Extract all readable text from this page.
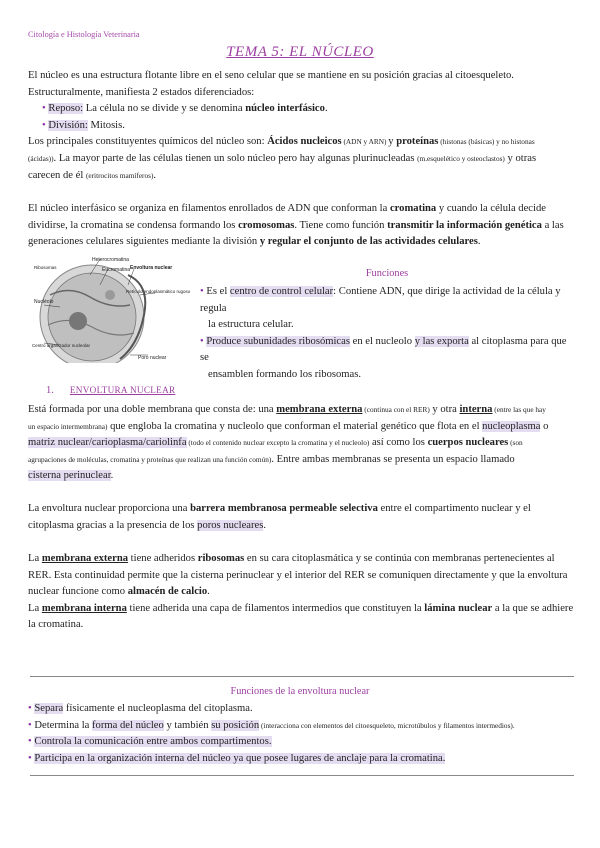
Citología e Histología Veterinaria
TEMA 5: EL NÚCLEO
El núcleo es una estructura flotante libre en el seno celular que se mantiene en su posición gracias al citoesqueleto.
Estructuralmente, manifiesta 2 estados diferenciados:
• Reposo: La célula no se divide y se denomina núcleo interfásico.
• División: Mitosis.
Los principales constituyentes químicos del núcleo son: Ácidos nucleicos (ADN y ARN) y proteínas (histonas (básicas) y no histonas
(ácidas)). La mayor parte de las células tienen un solo núcleo pero hay algunas plurinucleadas (m.esquelético y osteoclastos) y otras
carecen de él (eritrocitos mamíferos).
El núcleo interfásico se organiza en filamentos enrollados de ADN que conforman la cromatina y cuando la célula decide
dividirse, la cromatina se condensa formando los cromosomas. Tiene como función transmitir la información genética a las
generaciones celulares siguientes mediante la división y regular el conjunto de las actividades celulares.
Heterocromatina
Eucromatina Envoltura nuclear
Retículo endoplasmático rugoso
Nucléolo
Poro nuclear
Centro organizador nucleolar
Ribosomas
Funciones
• Es el centro de control celular: Contiene ADN, que dirige la actividad de la célula y regula
la estructura celular.
• Produce subunidades ribosómicas en el nucleolo y las exporta al citoplasma para que se
ensamblen formando los ribosomas.
1. ENVOLTURA NUCLEAR
Está formada por una doble membrana que consta de: una membrana externa (continua con el RER) y otra interna (entre las que hay
un espacio intermembrana) que engloba la cromatina y nucleolo que conforman el material genético que flota en el nucleoplasma o
matriz nuclear/carioplasma/cariolinfa (todo el contenido nuclear excepto la cromatina y el nucleolo) así como los cuerpos nucleares (son
agrupaciones de moléculas, cromatina y proteínas que realizan una función común). Entre ambas membranas se presenta un espacio llamado
cisterna perinuclear.
La envoltura nuclear proporciona una barrera membranosa permeable selectiva entre el compartimento nuclear y el
citoplasma gracias a la presencia de los poros nucleares.
La membrana externa tiene adheridos ribosomas en su cara citoplasmática y se continúa con membranas pertenecientes al
RER. Esta continuidad permite que la cisterna perinuclear y el interior del RER se comuniquen directamente y que la envoltura
nuclear funcione como almacén de calcio.
La membrana interna tiene adherida una capa de filamentos intermedios que constituyen la lámina nuclear a la que se adhiere
la cromatina.
Funciones de la envoltura nuclear
• Separa físicamente el nucleoplasma del citoplasma.
• Determina la forma del núcleo y también su posición (interacciona con elementos del citoesqueleto, microtúbulos y filamentos intermedios).
• Controla la comunicación entre ambos compartimentos.
• Participa en la organización interna del núcleo ya que posee lugares de anclaje para la cromatina.
